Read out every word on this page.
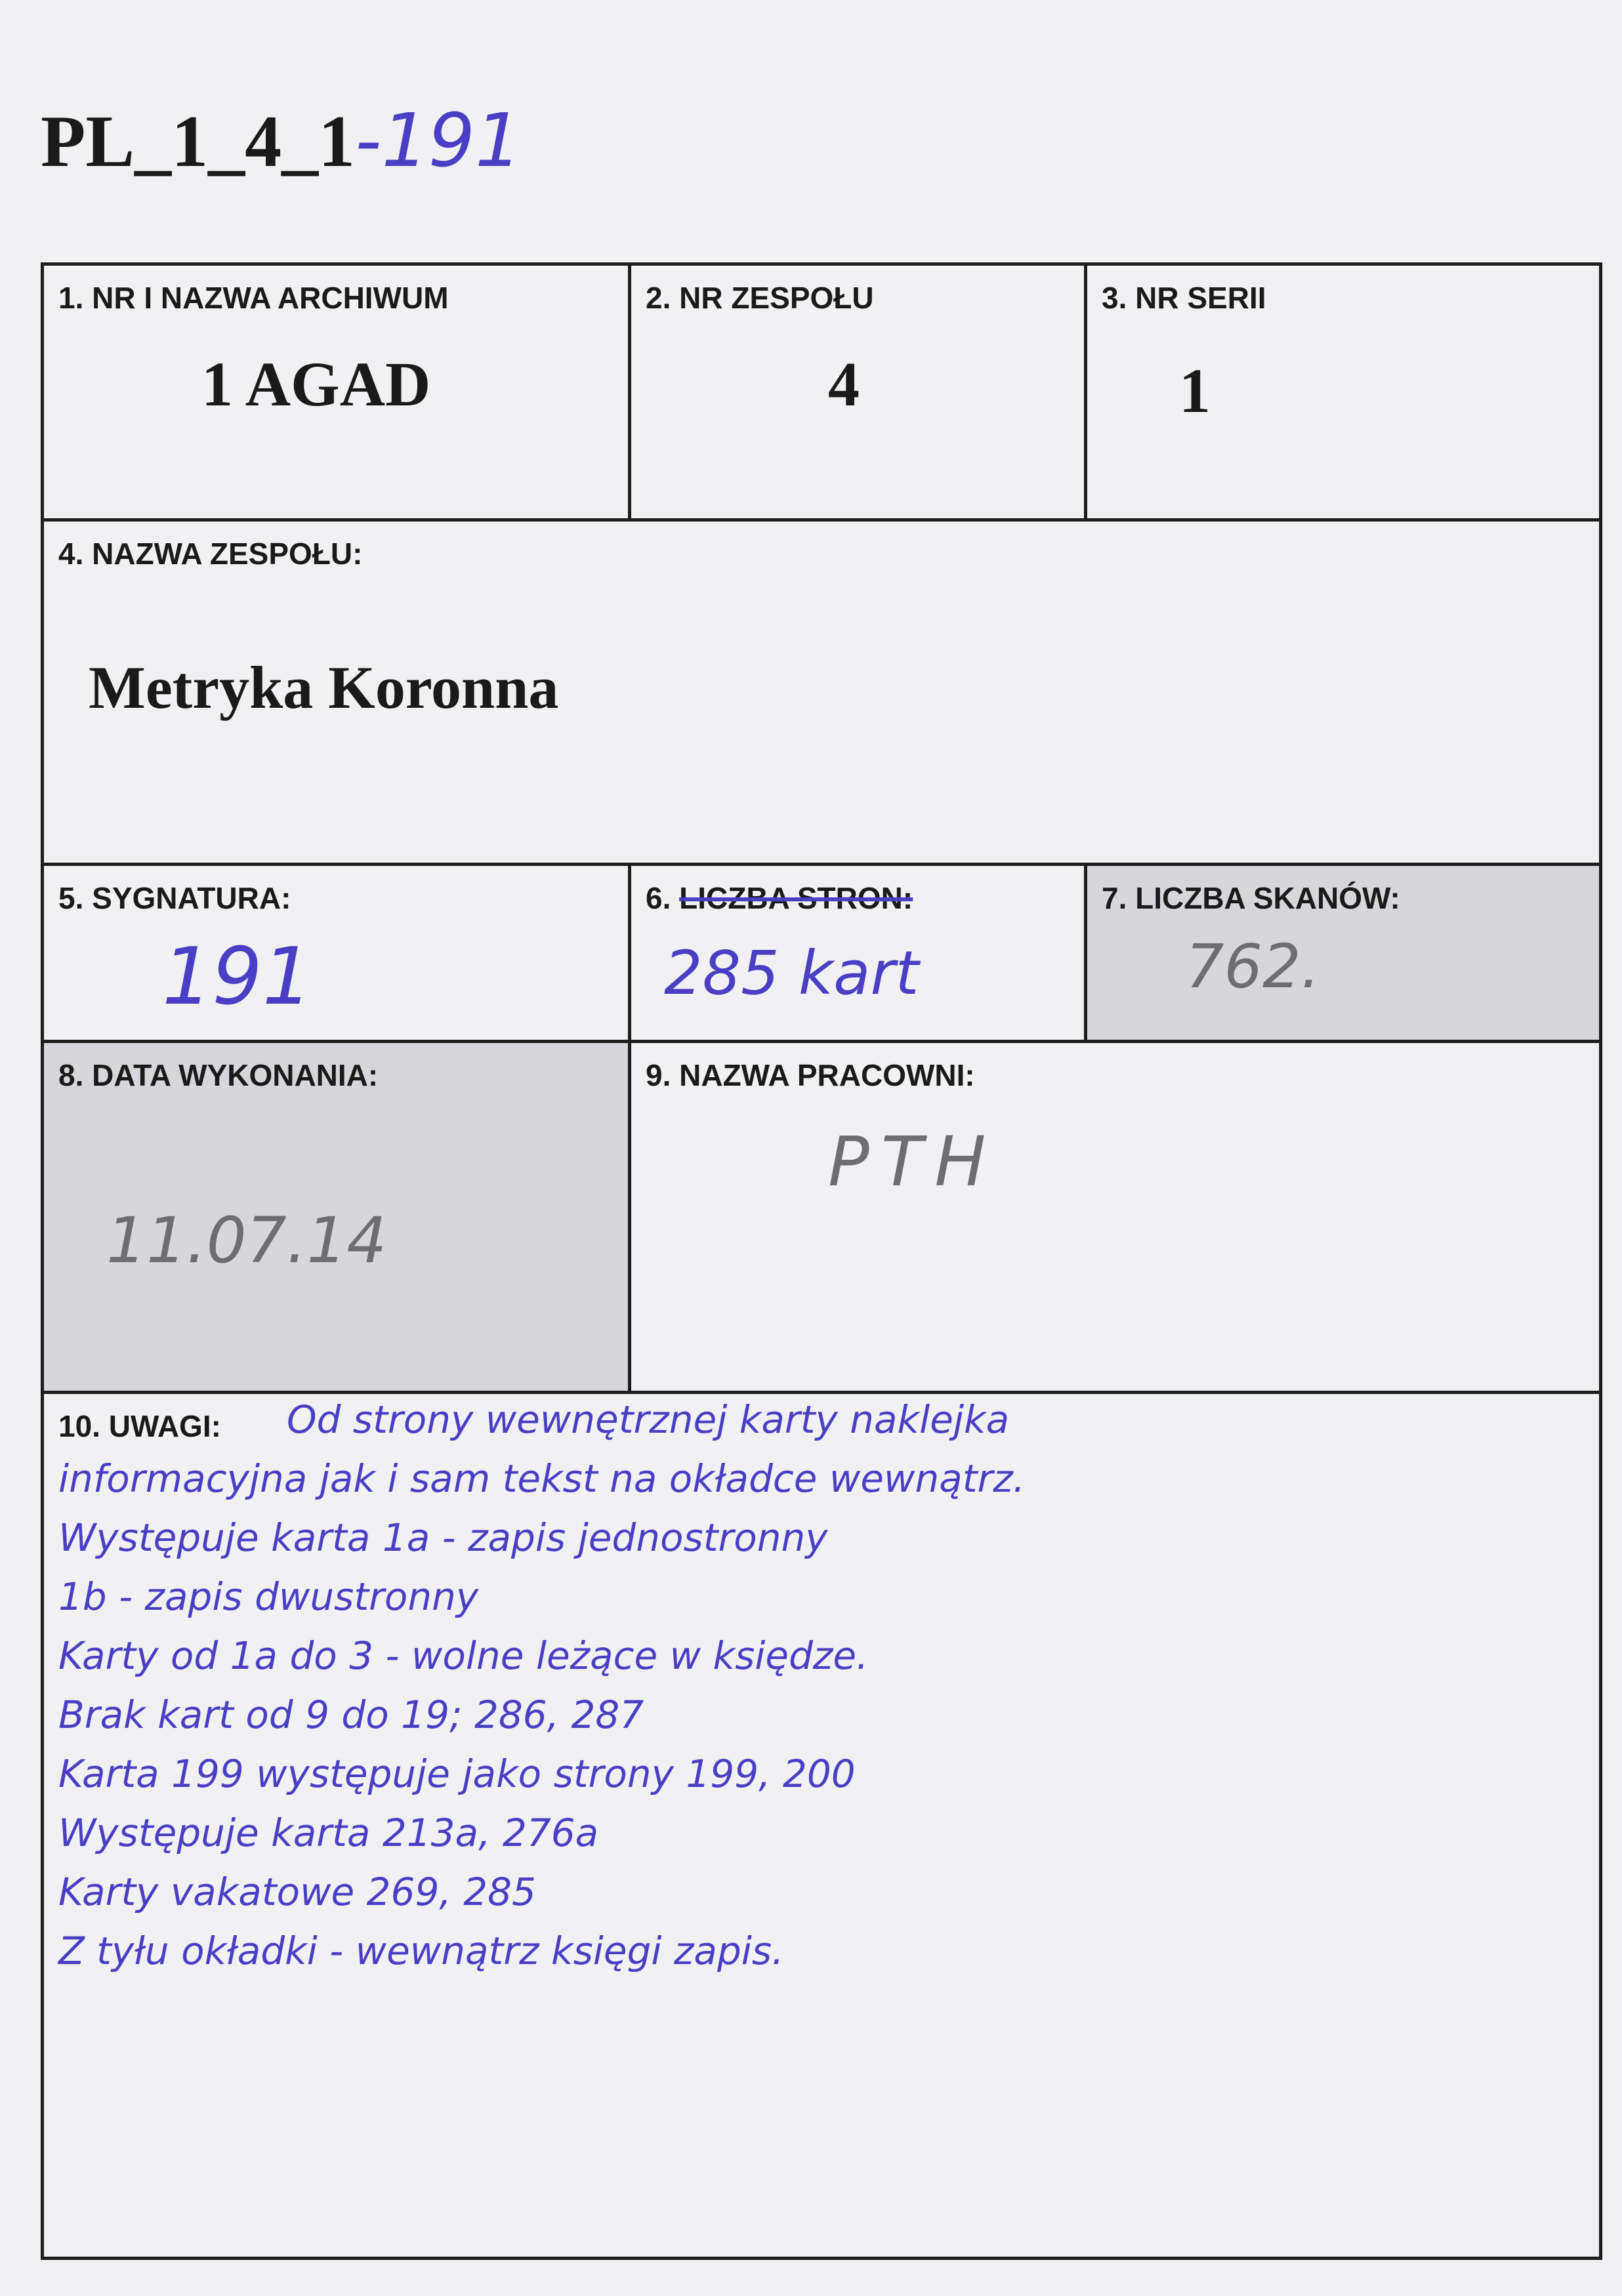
PL_1_4_1-191
1. NR I NAZWA ARCHIWUM
1 AGAD
2. NR ZESPOŁU
4
3. NR SERII
1
4. NAZWA ZESPOŁU:
Metryka Koronna
5. SYGNATURA:
191
6. LICZBA STRON:
285 kart
7. LICZBA SKANÓW:
762.
8. DATA WYKONANIA:
11.07.14
9. NAZWA PRACOWNI:
PTH
10. UWAGI: Od strony wewnętrznej karty naklejka
informacyjna jak i sam tekst na okładce wewnątrz.
Występuje karta 1a - zapis jednostronny
1b - zapis dwustronny
Karty od 1a do 3 - wolne leżące w księdze.
Brak kart od 9 do 19; 286, 287
Karta 199 występuje jako strony 199, 200
Występuje karta 213a, 276a
Karty vakatowe 269, 285
Z tyłu okładki - wewnątrz księgi zapis.
